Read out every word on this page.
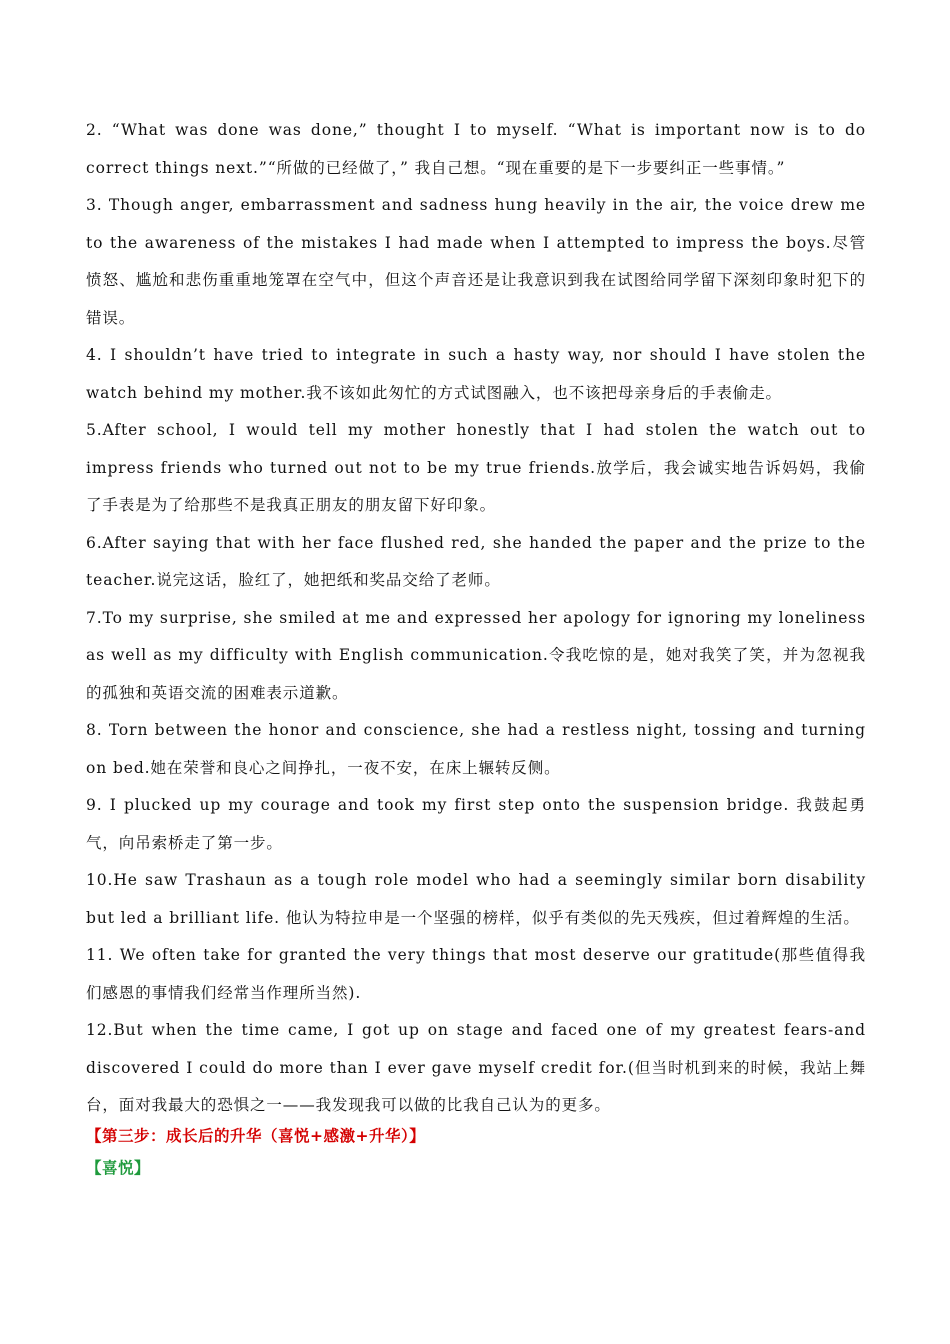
2. “What was done was done,” thought I to myself. “What is important now is to do correct things next.”“所做的已经做了，” 我自己想。“现在重要的是下一步要纠正一些事情。”

3. Though anger, embarrassment and sadness hung heavily in the air, the voice drew me to the awareness of the mistakes I had made when I attempted to impress the boys.尽管愤怒、尴尬和悲伤重重地笼罩在空气中，但这个声音还是让我意识到我在试图给同学留下深刻印象时犯下的错误。

4. I shouldn’t have tried to integrate in such a hasty way, nor should I have stolen the watch behind my mother.我不该如此匆忙的方式试图融入，也不该把母亲身后的手表偷走。

5.After school, I would tell my mother honestly that I had stolen the watch out to impress friends who turned out not to be my true friends.放学后，我会诚实地告诉妈妈，我偷了手表是为了给那些不是我真正朋友的朋友留下好印象。

6.After saying that with her face flushed red, she handed the paper and the prize to the teacher.说完这话，脸红了，她把纸和奖品交给了老师。

7.To my surprise, she smiled at me and expressed her apology for ignoring my loneliness as well as my difficulty with English communication.令我吃惊的是，她对我笑了笑，并为忽视我的孤独和英语交流的困难表示道歉。

8. Torn between the honor and conscience, she had a restless night, tossing and turning on bed.她在荣誉和良心之间挣扎，一夜不安，在床上辗转反侧。

9. I plucked up my courage and took my first step onto the suspension bridge. 我鼓起勇气，向吊索桥走了第一步。

10.He saw Trashaun as a tough role model who had a seemingly similar born disability but led a brilliant life. 他认为特拉申是一个坚强的榜样，似乎有类似的先天残疾，但过着辉煌的生活。

11. We often take for granted the very things that most deserve our gratitude(那些值得我们感恩的事情我们经常当作理所当然).

12.But when the time came, I got up on stage and faced one of my greatest fears-and discovered I could do more than I ever gave myself credit for.(但当时机到来的时候，我站上舞台，面对我最大的恐惧之一——我发现我可以做的比我自己认为的更多。

【第三步：成长后的升华（喜悦+感激+升华）】

【喜悦】
